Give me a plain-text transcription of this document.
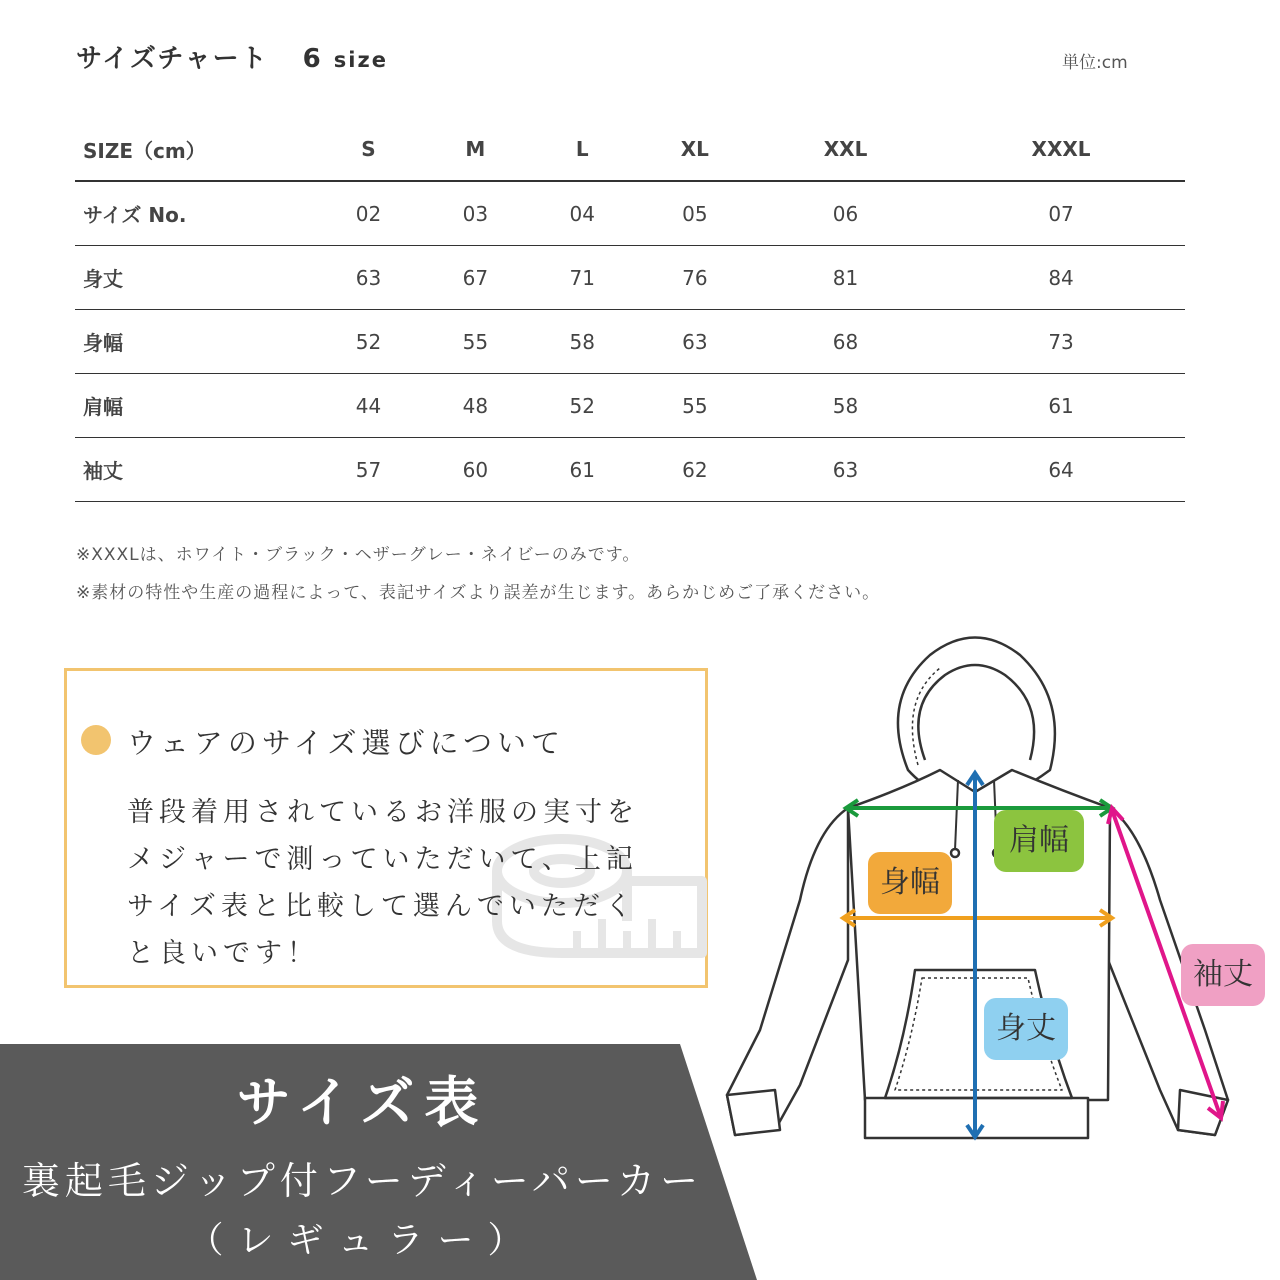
サイズチャート 6 size	単位:cm
SIZE（cm）	S	M	L	XL	XXL	XXXL
サイズ No.	02	03	04	05	06	07
身丈	63	67	71	76	81	84
身幅	52	55	58	63	68	73
肩幅	44	48	52	55	58	61
袖丈	57	60	61	62	63	64
※XXXLは、ホワイト・ブラック・ヘザーグレー・ネイビーのみです。
※素材の特性や生産の過程によって、表記サイズより誤差が生じます。あらかじめご了承ください。
ウェアのサイズ選びについて
普段着用されているお洋服の実寸を
メジャーで測っていただいて、上記
サイズ表と比較して選んでいただく
と良いです！
サイズ表
裏起毛ジップ付フーディーパーカー
（レギュラー）
肩幅
身幅
身丈
袖丈
